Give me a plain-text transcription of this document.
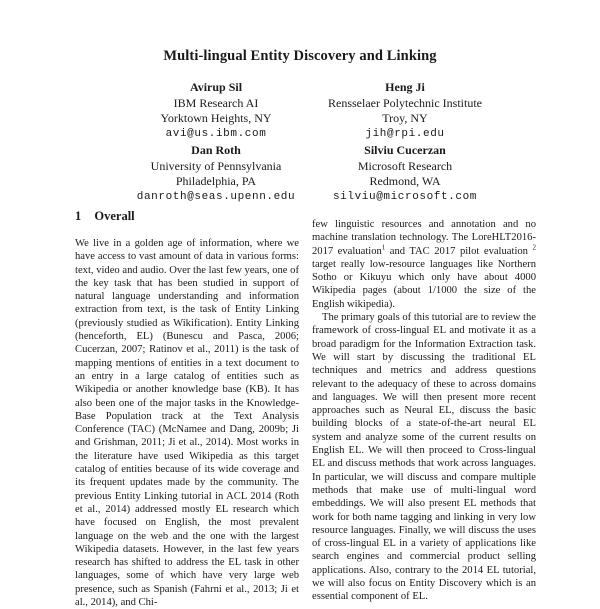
Multi-lingual Entity Discovery and Linking
Avirup Sil
IBM Research AI
Yorktown Heights, NY
avi@us.ibm.com
Heng Ji
Rensselaer Polytechnic Institute
Troy, NY
jih@rpi.edu
Dan Roth
University of Pennsylvania
Philadelphia, PA
danroth@seas.upenn.edu
Silviu Cucerzan
Microsoft Research
Redmond, WA
silviu@microsoft.com
1 Overall

We live in a golden age of information, where we have access to vast amount of data in various forms: text, video and audio. Over the last few years, one of the key task that has been studied in support of natural language understanding and information extraction from text, is the task of Entity Linking (previously studied as Wikification). Entity Linking (henceforth, EL) (Bunescu and Pasca, 2006; Cucerzan, 2007; Ratinov et al., 2011) is the task of mapping mentions of entities in a text document to an entry in a large catalog of entities such as Wikipedia or another knowledge base (KB). It has also been one of the major tasks in the Knowledge-Base Population track at the Text Analysis Conference (TAC) (McNamee and Dang, 2009b; Ji and Grishman, 2011; Ji et al., 2014). Most works in the literature have used Wikipedia as this target catalog of entities because of its wide coverage and its frequent updates made by the community. The previous Entity Linking tutorial in ACL 2014 (Roth et al., 2014) addressed mostly EL research which have focused on English, the most prevalent language on the web and the one with the largest Wikipedia datasets. However, in the last few years research has shifted to address the EL task in other languages, some of which have very large web presence, such as Spanish (Fahrni et al., 2013; Ji et al., 2014), and Chi-

few linguistic resources and annotation and no machine translation technology. The LoreHLT2016-2017 evaluation$^1$ and TAC 2017 pilot evaluation $^2$ target really low-resource languages like Northern Sotho or Kikuyu which only have about 4000 Wikipedia pages (about 1/1000 the size of the English wikipedia).

The primary goals of this tutorial are to review the framework of cross-lingual EL and motivate it as a broad paradigm for the Information Extraction task. We will start by discussing the traditional EL techniques and metrics and address questions relevant to the adequacy of these to across domains and languages. We will then present more recent approaches such as Neural EL, discuss the basic building blocks of a state-of-the-art neural EL system and analyze some of the current results on English EL. We will then proceed to Cross-lingual EL and discuss methods that work across languages. In particular, we will discuss and compare multiple methods that make use of multi-lingual word embeddings. We will also present EL methods that work for both name tagging and linking in very low resource languages. Finally, we will discuss the uses of cross-lingual EL in a variety of applications like search engines and commercial product selling applications. Also, contrary to the 2014 EL tutorial, we will also focus on Entity Discovery which is an essential component of EL.
